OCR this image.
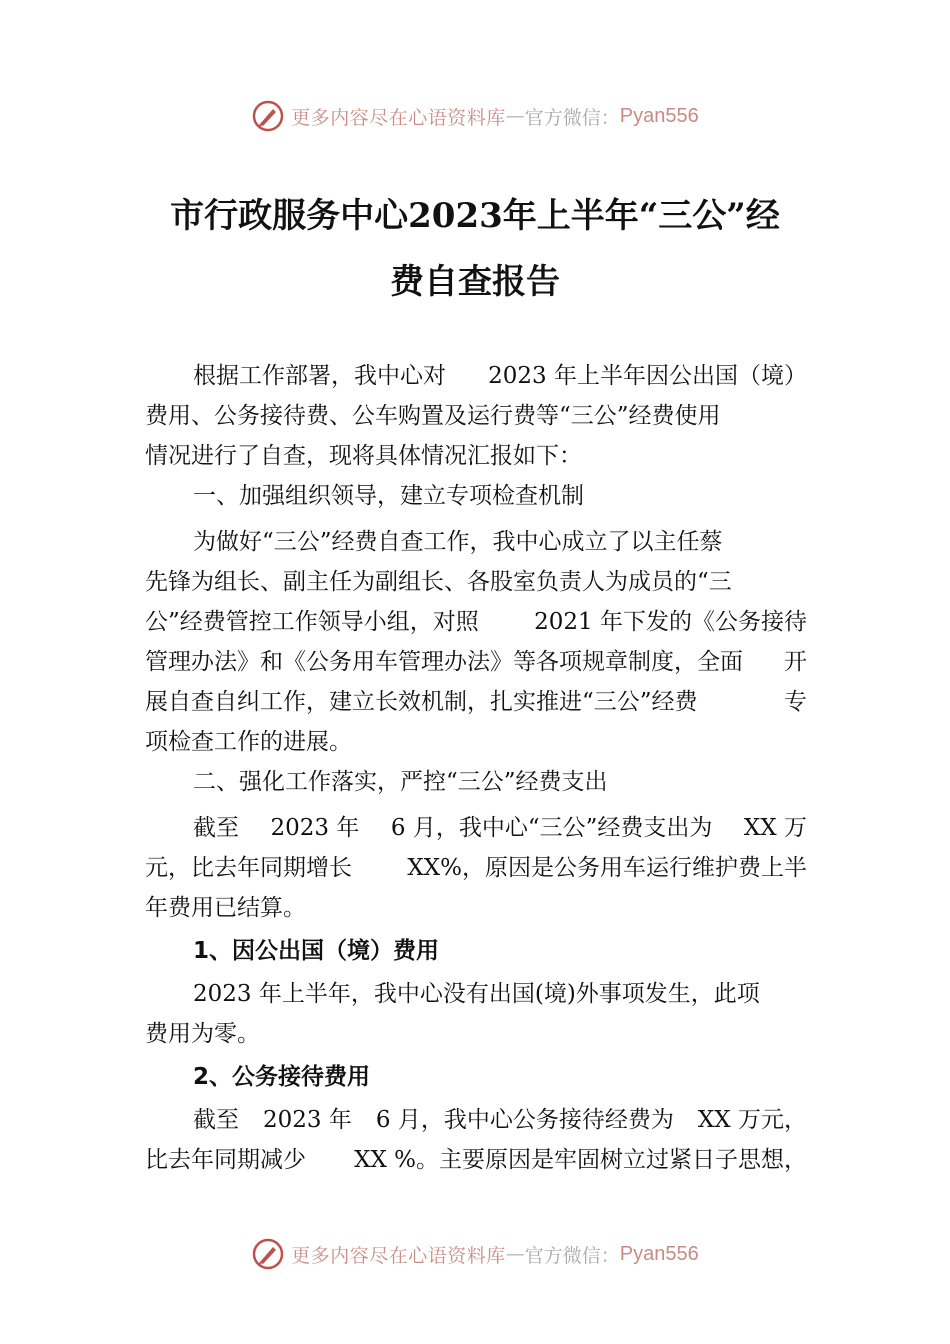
更多内容尽在心语资料库 — 官方微信： Pyan556
市行政服务中心2023年上半年“三公”经
费自查报告
根据工作部署，我中心对 2023 年上半年因公出国（境）
费用、公务接待费、公车购置及运行费等“三公”经费使用
情况进行了自查，现将具体情况汇报如下：
一、加强组织领导，建立专项检查机制
为做好“三公”经费自查工作，我中心成立了以主任蔡
先锋为组长、副主任为副组长、各股室负责人为成员的“三
公”经费管控工作领导小组，对照 2021 年下发的《公务接待
管理办法》和《公务用车管理办法》等各项规章制度，全面 开
展自查自纠工作，建立长效机制，扎实推进“三公”经费	专
项检查工作的进展。
二、强化工作落实，严控“三公”经费支出
截至 2023 年 6 月，我中心“三公”经费支出为 XX 万
元，比去年同期增长 XX%，原因是公务用车运行维护费上半
年费用已结算。
1、因公出国（境）费用
2023 年上半年，我中心没有出国(境)外事项发生，此项
费用为零。
2、公务接待费用
截至 2023 年 6 月，我中心公务接待经费为 XX 万元，
比去年同期减少 XX %。主要原因是牢固树立过紧日子思想，
更多内容尽在心语资料库 — 官方微信： Pyan556
